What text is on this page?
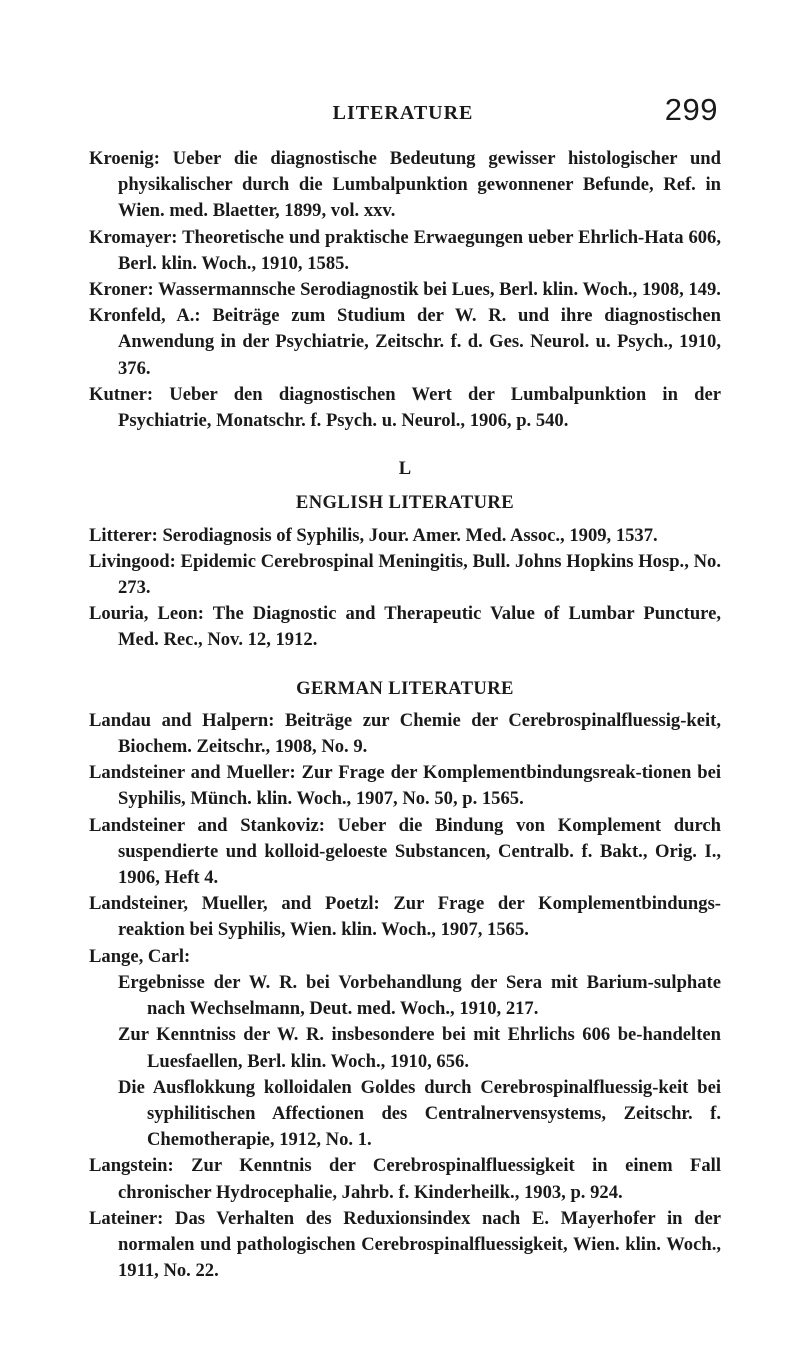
LITERATURE	299

Kroenig: Ueber die diagnostische Bedeutung gewisser histologischer und physikalischer durch die Lumbalpunktion gewonnener Befunde, Ref. in Wien. med. Blaetter, 1899, vol. xxv.

Kromayer: Theoretische und praktische Erwaegungen ueber Ehrlich-Hata 606, Berl. klin. Woch., 1910, 1585.

Kroner: Wassermannsche Serodiagnostik bei Lues, Berl. klin. Woch., 1908, 149.

Kronfeld, A.: Beiträge zum Studium der W. R. und ihre diagnostischen Anwendung in der Psychiatrie, Zeitschr. f. d. Ges. Neurol. u. Psych., 1910, 376.

Kutner: Ueber den diagnostischen Wert der Lumbalpunktion in der Psychiatrie, Monatschr. f. Psych. u. Neurol., 1906, p. 540.

L
ENGLISH LITERATURE

Litterer: Serodiagnosis of Syphilis, Jour. Amer. Med. Assoc., 1909, 1537.

Livingood: Epidemic Cerebrospinal Meningitis, Bull. Johns Hopkins Hosp., No. 273.

Louria, Leon: The Diagnostic and Therapeutic Value of Lumbar Puncture, Med. Rec., Nov. 12, 1912.

GERMAN LITERATURE

Landau and Halpern: Beiträge zur Chemie der Cerebrospinalfluessig-keit, Biochem. Zeitschr., 1908, No. 9.

Landsteiner and Mueller: Zur Frage der Komplementbindungsreak-tionen bei Syphilis, Münch. klin. Woch., 1907, No. 50, p. 1565.

Landsteiner and Stankoviz: Ueber die Bindung von Komplement durch suspendierte und kolloid-geloeste Substancen, Centralb. f. Bakt., Orig. I., 1906, Heft 4.

Landsteiner, Mueller, and Poetzl: Zur Frage der Komplementbindungs-reaktion bei Syphilis, Wien. klin. Woch., 1907, 1565.

Lange, Carl:

Ergebnisse der W. R. bei Vorbehandlung der Sera mit Barium-sulphate nach Wechselmann, Deut. med. Woch., 1910, 217.

Zur Kenntniss der W. R. insbesondere bei mit Ehrlichs 606 be-handelten Luesfaellen, Berl. klin. Woch., 1910, 656.

Die Ausflokkung kolloidalen Goldes durch Cerebrospinalfluessig-keit bei syphilitischen Affectionen des Centralnervensystems, Zeitschr. f. Chemotherapie, 1912, No. 1.

Langstein: Zur Kenntnis der Cerebrospinalfluessigkeit in einem Fall chronischer Hydrocephalie, Jahrb. f. Kinderheilk., 1903, p. 924.

Lateiner: Das Verhalten des Reduxionsindex nach E. Mayerhofer in der normalen und pathologischen Cerebrospinalfluessigkeit, Wien. klin. Woch., 1911, No. 22.
